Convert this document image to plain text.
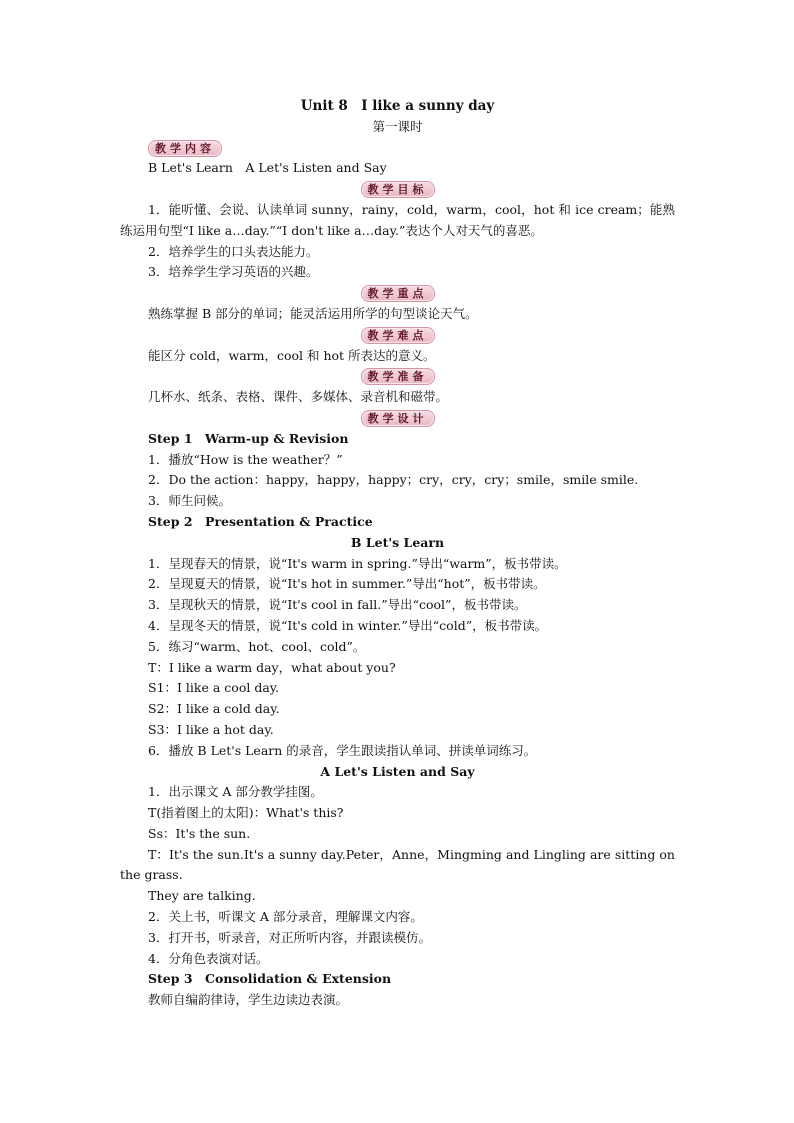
Unit 8　I like a sunny day
第一课时
教学内容
B Let's Learn　A Let's Listen and Say
教学目标
1．能听懂、会说、认读单词 sunny，rainy，cold，warm，cool，hot 和 ice cream；能熟练运用句型“I like a…day.”“I don't like a…day.”表达个人对天气的喜恶。
2．培养学生的口头表达能力。
3．培养学生学习英语的兴趣。
教学重点
熟练掌握 B 部分的单词；能灵活运用所学的句型谈论天气。
教学难点
能区分 cold，warm，cool 和 hot 所表达的意义。
教学准备
几杯水、纸条、表格、课件、多媒体、录音机和磁带。
教学设计
Step 1　Warm-up & Revision
1．播放“How is the weather？”
2．Do the action：happy，happy，happy；cry，cry，cry；smile，smile smile.
3．师生问候。
Step 2　Presentation & Practice
B Let's Learn
1．呈现春天的情景，说“It's warm in spring.”导出“warm”，板书带读。
2．呈现夏天的情景，说“It's hot in summer.”导出“hot”，板书带读。
3．呈现秋天的情景，说“It's cool in fall.”导出“cool”，板书带读。
4．呈现冬天的情景，说“It's cold in winter.”导出“cold”，板书带读。
5．练习“warm、hot、cool、cold”。
T：I like a warm day，what about you?
S1：I like a cool day.
S2：I like a cold day.
S3：I like a hot day.
6．播放 B Let's Learn 的录音，学生跟读指认单词、拼读单词练习。
A Let's Listen and Say
1．出示课文 A 部分教学挂图。
T(指着图上的太阳)：What's this?
Ss：It's the sun.
T：It's the sun.It's a sunny day.Peter，Anne，Mingming and Lingling are sitting on the grass.
They are talking.
2．关上书，听课文 A 部分录音，理解课文内容。
3．打开书，听录音，对正所听内容，并跟读模仿。
4．分角色表演对话。
Step 3　Consolidation & Extension
教师自编韵律诗，学生边读边表演。
